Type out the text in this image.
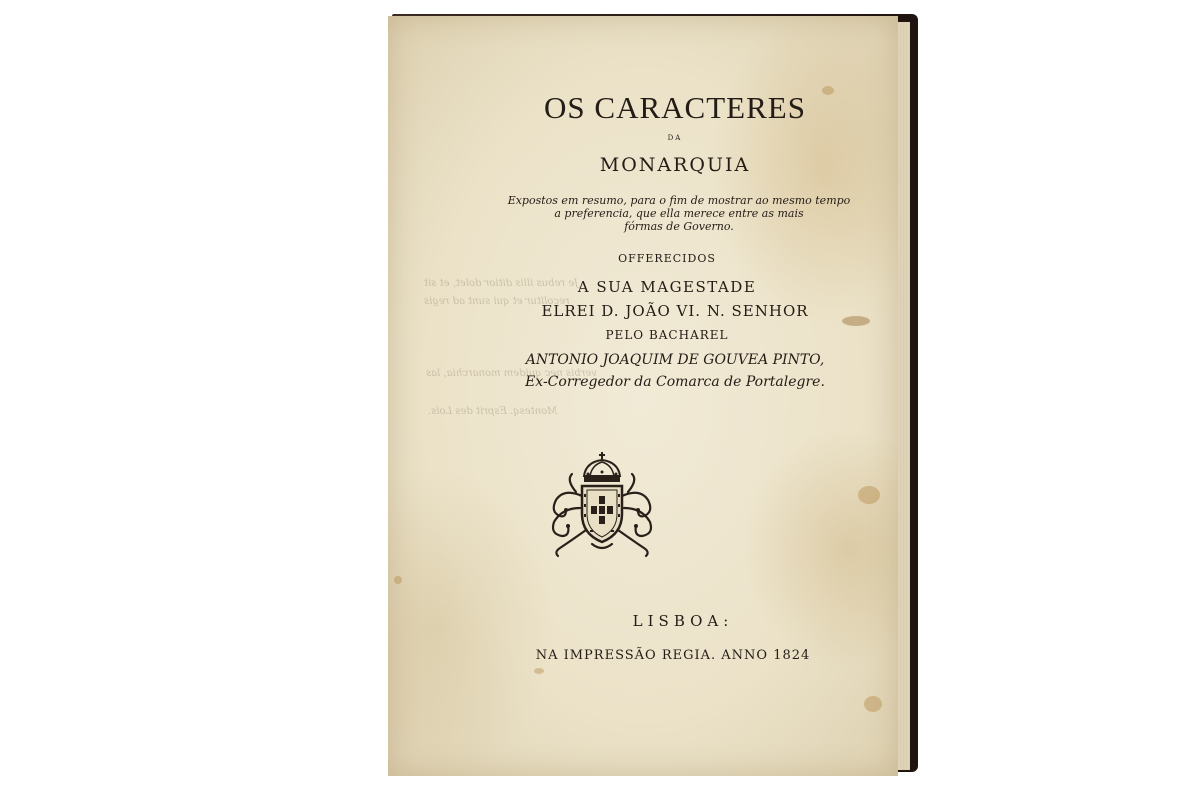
Je rebus illis ditior dolet, et sit
recolitur et qui sunt ad regis
verbis nec quidem monarchia, las
Montesq. Esprit des Lois.
OS CARACTERES
DA
MONARQUIA
Expostos em resumo, para o fim de mostrar ao mesmo tempo
a preferencia, que ella merece entre as mais
fórmas de Governo.
OFFERECIDOS
A SUA MAGESTADE
ELREI D. JOÃO VI. N. SENHOR
PELO BACHAREL
ANTONIO JOAQUIM DE GOUVEA PINTO,
Ex-Corregedor da Comarca de Portalegre.
LISBOA:
NA IMPRESSÃO REGIA. ANNO 1824
